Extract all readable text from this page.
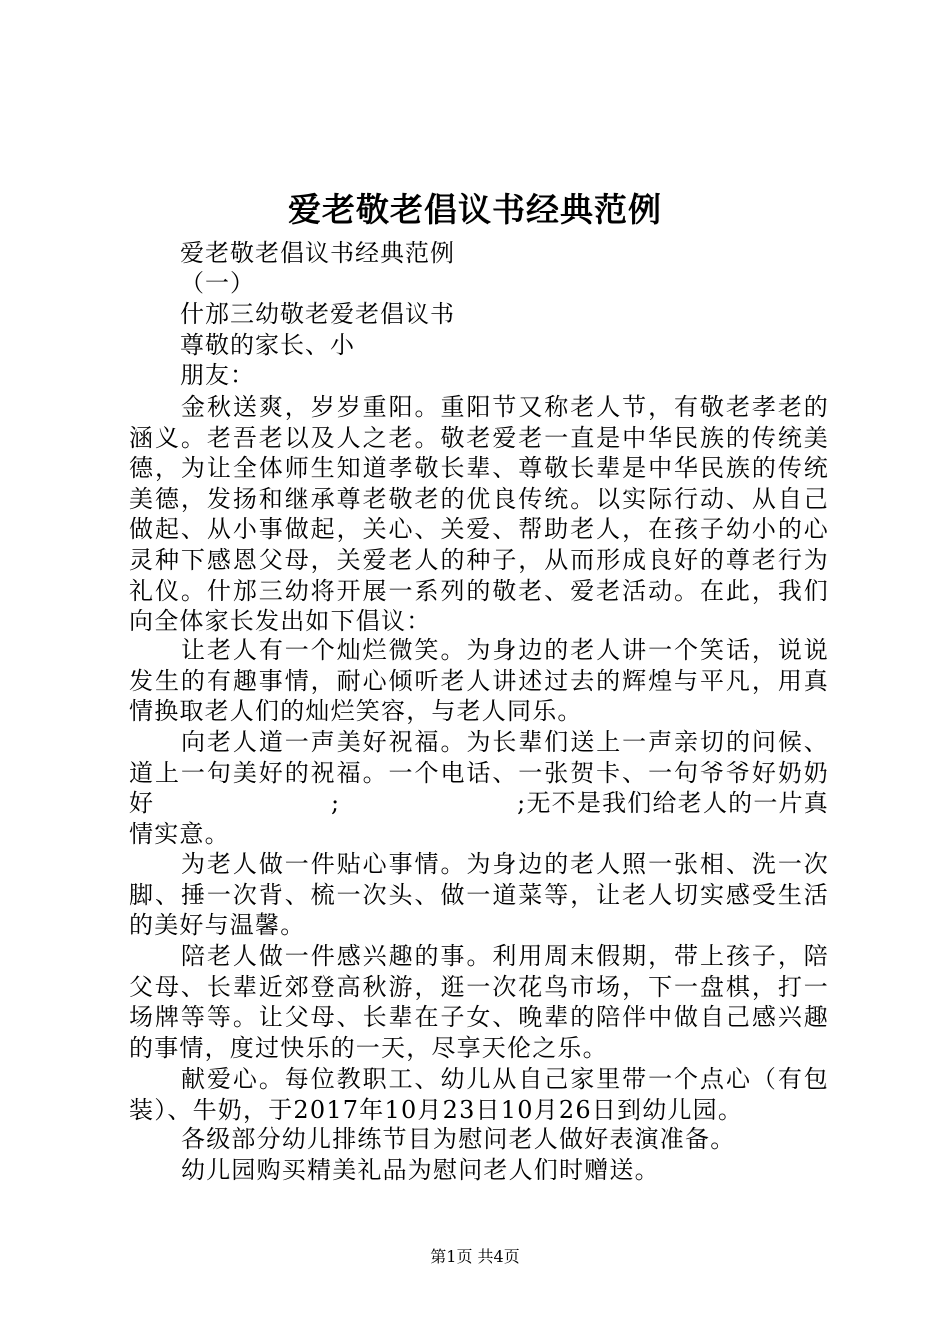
爱老敬老倡议书经典范例
爱老敬老倡议书经典范例
（一）
什邡三幼敬老爱老倡议书
尊敬的家长、小
朋友：

金秋送爽，岁岁重阳。重阳节又称老人节，有敬老孝老的涵义。老吾老以及人之老。敬老爱老一直是中华民族的传统美德，为让全体师生知道孝敬长辈、尊敬长辈是中华民族的传统美德，发扬和继承尊老敬老的优良传统。以实际行动、从自己做起、从小事做起，关心、关爱、帮助老人，在孩子幼小的心灵种下感恩父母，关爱老人的种子，从而形成良好的尊老行为礼仪。什邡三幼将开展一系列的敬老、爱老活动。在此，我们向全体家长发出如下倡议：

让老人有一个灿烂微笑。为身边的老人讲一个笑话，说说发生的有趣事情，耐心倾听老人讲述过去的辉煌与平凡，用真情换取老人们的灿烂笑容，与老人同乐。

向老人道一声美好祝福。为长辈们送上一声亲切的问候、道上一句美好的祝福。一个电话、一张贺卡、一句爷爷好奶奶好                    ;                    ;无不是我们给老人的一片真情实意。

为老人做一件贴心事情。为身边的老人照一张相、洗一次脚、捶一次背、梳一次头、做一道菜等，让老人切实感受生活的美好与温馨。

陪老人做一件感兴趣的事。利用周末假期，带上孩子，陪父母、长辈近郊登高秋游，逛一次花鸟市场，下一盘棋，打一场牌等等。让父母、长辈在子女、晚辈的陪伴中做自己感兴趣的事情，度过快乐的一天，尽享天伦之乐。

献爱心。每位教职工、幼儿从自己家里带一个点心（有包装）、牛奶，于2017年10月23日10月26日到幼儿园。

各级部分幼儿排练节目为慰问老人做好表演准备。

幼儿园购买精美礼品为慰问老人们时赠送。

第1页 共4页
